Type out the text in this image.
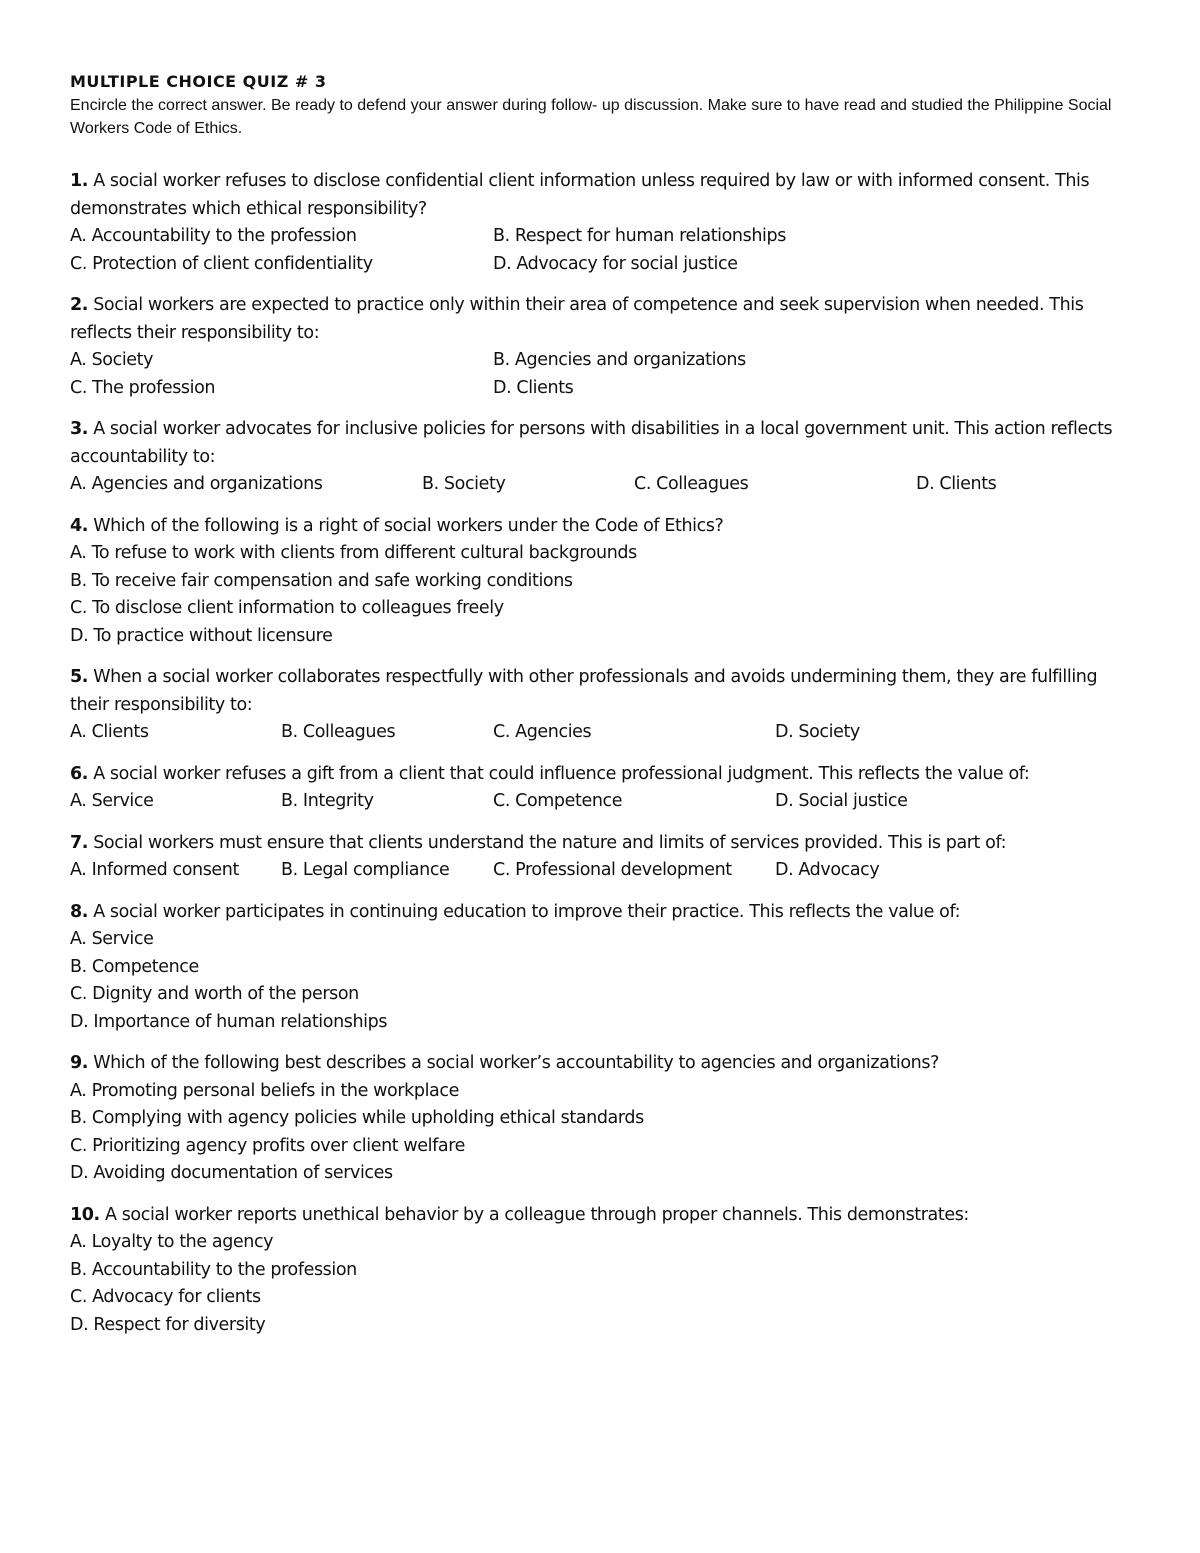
MULTIPLE CHOICE QUIZ # 3

Encircle the correct answer. Be ready to defend your answer during follow- up discussion. Make sure to have read and studied the Philippine Social Workers Code of Ethics.

1. A social worker refuses to disclose confidential client information unless required by law or with informed consent. This demonstrates which ethical responsibility?

A. Accountability to the profession	B. Respect for human relationships
C. Protection of client confidentiality	D. Advocacy for social justice

2. Social workers are expected to practice only within their area of competence and seek supervision when needed. This reflects their responsibility to:

A. Society	B. Agencies and organizations
C. The profession	D. Clients

3. A social worker advocates for inclusive policies for persons with disabilities in a local government unit. This action reflects accountability to:

A. Agencies and organizations	B. Society	C. Colleagues	D. Clients

4. Which of the following is a right of social workers under the Code of Ethics?

A. To refuse to work with clients from different cultural backgrounds
B. To receive fair compensation and safe working conditions
C. To disclose client information to colleagues freely
D. To practice without licensure

5. When a social worker collaborates respectfully with other professionals and avoids undermining them, they are fulfilling their responsibility to:

A. Clients	B. Colleagues	C. Agencies	D. Society

6. A social worker refuses a gift from a client that could influence professional judgment. This reflects the value of:

A. Service	B. Integrity	C. Competence	D. Social justice

7. Social workers must ensure that clients understand the nature and limits of services provided. This is part of:

A. Informed consent	B. Legal compliance	C. Professional development	D. Advocacy

8. A social worker participates in continuing education to improve their practice. This reflects the value of:

A. Service
B. Competence
C. Dignity and worth of the person
D. Importance of human relationships

9. Which of the following best describes a social worker’s accountability to agencies and organizations?

A. Promoting personal beliefs in the workplace
B. Complying with agency policies while upholding ethical standards
C. Prioritizing agency profits over client welfare
D. Avoiding documentation of services

10. A social worker reports unethical behavior by a colleague through proper channels. This demonstrates:

A. Loyalty to the agency
B. Accountability to the profession
C. Advocacy for clients
D. Respect for diversity
